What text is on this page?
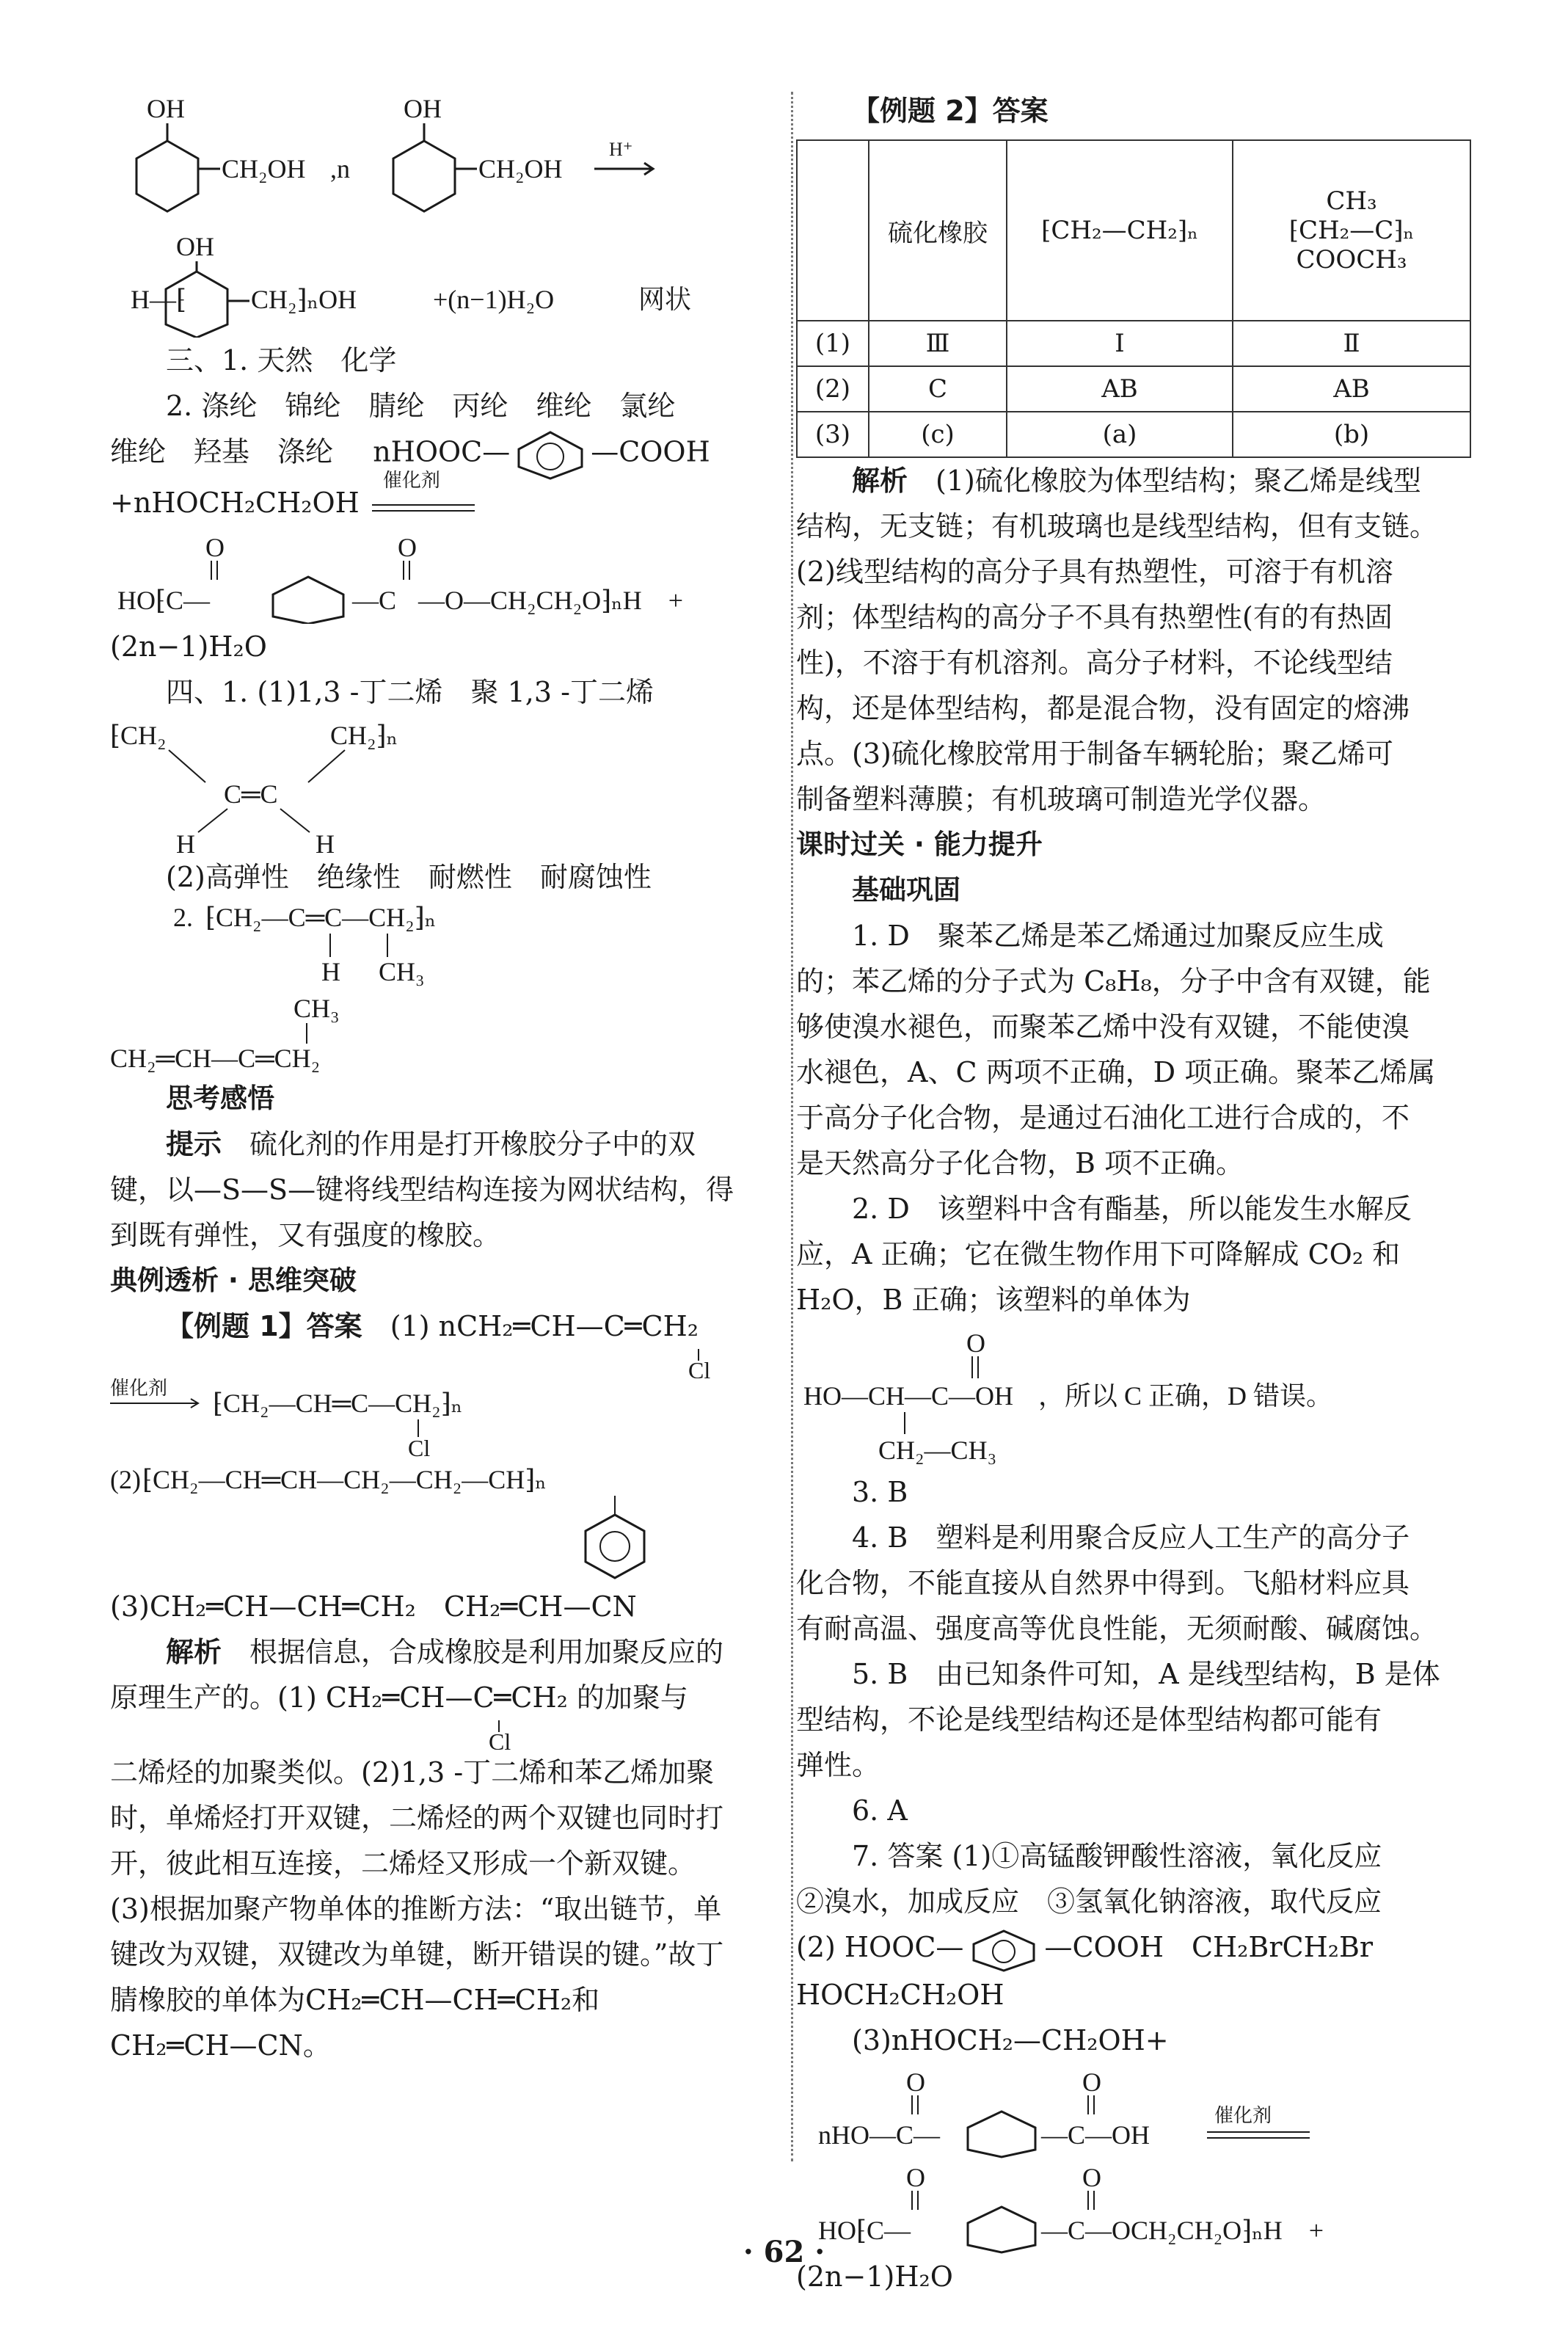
OH
CH₂OH ,n
OH
CH₂OH
H⁺
OH
H—⁅ CH₂⁆ₙOH	+(n−1)H₂O	网状
三、1. 天然　化学
2. 涤纶　锦纶　腈纶　丙纶　维纶　氯纶
维纶　羟基　涤纶 nHOOC—	—COOH
+nHOCH₂CH₂OH
催化剂
O	O
HO⁅C—	—C —O—CH₂CH₂O⁆ₙH　+
(2n−1)H₂O
四、1. (1)1,3 -丁二烯　聚 1,3 -丁二烯
⁅CH₂	CH₂⁆ₙ
C═C
H	H
(2)高弹性　绝缘性　耐燃性　耐腐蚀性
2. ⁅CH₂—C═C—CH₂⁆ₙ
H CH₃
CH₃
CH₂═CH—C═CH₂
思考感悟
提示　 硫化剂的作用是打开橡胶分子中的双
键，以—S—S—键将线型结构连接为网状结构，得
到既有弹性，又有强度的橡胶。
典例透析 · 思维突破
【例题 1】答案　 (1) nCH₂═CH—C═CH₂
Cl
催化剂
⁅CH₂—CH═C—CH₂⁆ₙ
Cl
(2) ⁅CH₂—CH═CH—CH₂—CH₂—CH⁆ₙ
(3)CH₂═CH—CH═CH₂　CH₂═CH—CN
解析　 根据信息，合成橡胶是利用加聚反应的
原理生产的。(1) CH₂═CH—C═CH₂ 的加聚与
Cl
二烯烃的加聚类似。(2)1,3 -丁二烯和苯乙烯加聚
时，单烯烃打开双键，二烯烃的两个双键也同时打
开，彼此相互连接，二烯烃又形成一个新双键。
(3)根据加聚产物单体的推断方法：“取出链节，单
键改为双键，双键改为单键，断开错误的键。”故丁
腈橡胶的单体为CH₂═CH—CH═CH₂和
CH₂═CH—CN。
【例题 2】答案
	硫化橡胶	⁅CH₂—CH₂⁆ₙ	CH₃
⁅CH₂—C⁆ₙ
COOCH₃

(1)	Ⅲ	Ⅰ	Ⅱ
(2)	C	AB	AB
(3)	(c)	(a)	(b)
解析　 (1)硫化橡胶为体型结构；聚乙烯是线型
结构，无支链；有机玻璃也是线型结构，但有支链。
(2)线型结构的高分子具有热塑性，可溶于有机溶
剂；体型结构的高分子不具有热塑性(有的有热固
性)，不溶于有机溶剂。高分子材料，不论线型结
构，还是体型结构，都是混合物，没有固定的熔沸
点。(3)硫化橡胶常用于制备车辆轮胎；聚乙烯可
制备塑料薄膜；有机玻璃可制造光学仪器。
课时过关 · 能力提升
基础巩固
1. D　聚苯乙烯是苯乙烯通过加聚反应生成
的；苯乙烯的分子式为 C₈H₈，分子中含有双键，能
够使溴水褪色，而聚苯乙烯中没有双键，不能使溴
水褪色，A、C 两项不正确，D 项正确。聚苯乙烯属
于高分子化合物，是通过石油化工进行合成的，不
是天然高分子化合物，B 项不正确。
2. D　该塑料中含有酯基，所以能发生水解反
应，A 正确；它在微生物作用下可降解成 CO₂ 和
H₂O，B 正确；该塑料的单体为
O
HO—CH—C—OH ，所以 C 正确，D 错误。
CH₂—CH₃
3. B
4. B　塑料是利用聚合反应人工生产的高分子
化合物，不能直接从自然界中得到。飞船材料应具
有耐高温、强度高等优良性能，无须耐酸、碱腐蚀。
5. B　由已知条件可知，A 是线型结构，B 是体
型结构，不论是线型结构还是体型结构都可能有
弹性。
6. A
7. 答案 (1)①高锰酸钾酸性溶液，氧化反应
②溴水，加成反应　③氢氧化钠溶液，取代反应
(2) HOOC—	—COOH　CH₂BrCH₂Br
HOCH₂CH₂OH
(3)nHOCH₂—CH₂OH+
O	O
nHO—C—	—C—OH
催化剂
O	O
HO⁅C—	—C—OCH₂CH₂O⁆ₙH　+
(2n−1)H₂O
· 62 ·
